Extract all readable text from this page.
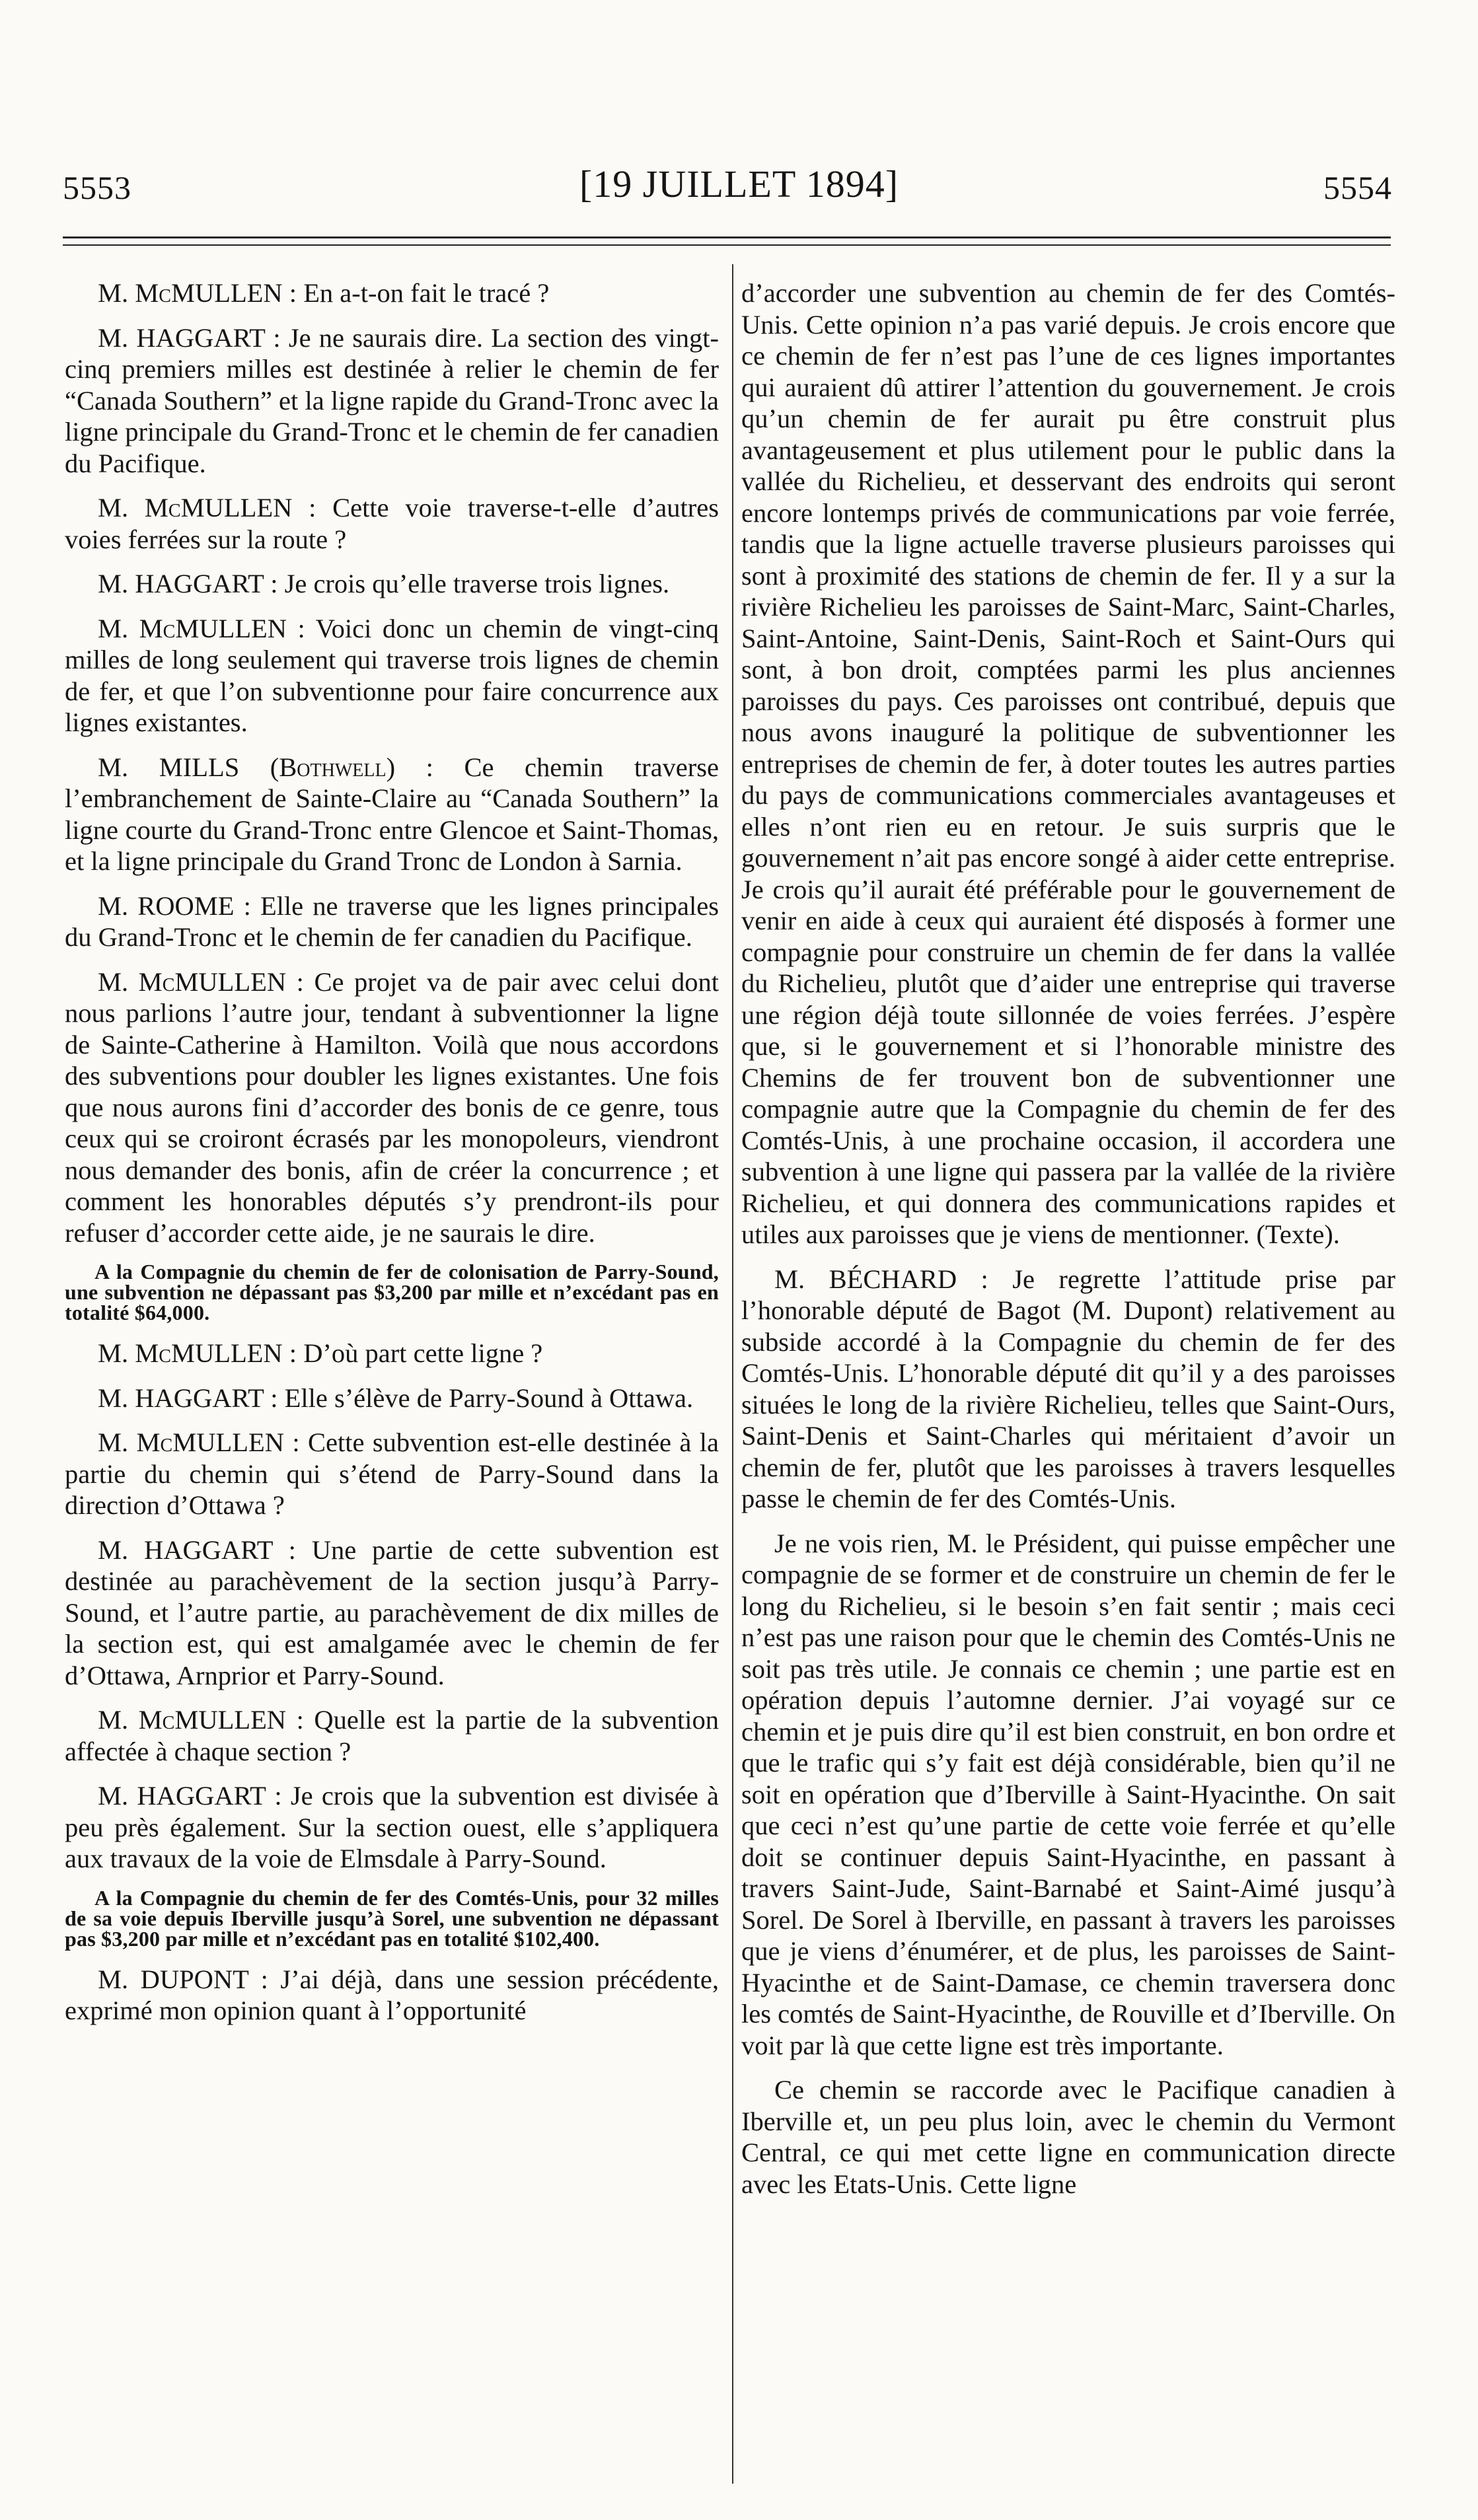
5553	[19 JUILLET 1894]	5554

M. McMULLEN : En a-t-on fait le tracé ?

M. HAGGART : Je ne saurais dire. La section des vingt-cinq premiers milles est destinée à relier le chemin de fer “Canada Southern” et la ligne rapide du Grand-Tronc avec la ligne principale du Grand-Tronc et le chemin de fer canadien du Pacifique.

M. McMULLEN : Cette voie traverse-t-elle d’autres voies ferrées sur la route ?

M. HAGGART : Je crois qu’elle traverse trois lignes.

M. McMULLEN : Voici donc un chemin de vingt-cinq milles de long seulement qui traverse trois lignes de chemin de fer, et que l’on subventionne pour faire concurrence aux lignes existantes.

M. MILLS (Bothwell) : Ce chemin traverse l’embranchement de Sainte-Claire au “Canada Southern” la ligne courte du Grand-Tronc entre Glencoe et Saint-Thomas, et la ligne principale du Grand Tronc de London à Sarnia.

M. ROOME : Elle ne traverse que les lignes principales du Grand-Tronc et le chemin de fer canadien du Pacifique.

M. McMULLEN : Ce projet va de pair avec celui dont nous parlions l’autre jour, tendant à subventionner la ligne de Sainte-Catherine à Hamilton. Voilà que nous accordons des subventions pour doubler les lignes existantes. Une fois que nous aurons fini d’accorder des bonis de ce genre, tous ceux qui se croiront écrasés par les monopoleurs, viendront nous demander des bonis, afin de créer la concurrence ; et comment les honorables députés s’y prendront-ils pour refuser d’accorder cette aide, je ne saurais le dire.

A la Compagnie du chemin de fer de colonisation de Parry-Sound, une subvention ne dépassant pas $3,200 par mille et n’excédant pas en totalité $64,000.

M. McMULLEN : D’où part cette ligne ?

M. HAGGART : Elle s’élève de Parry-Sound à Ottawa.

M. McMULLEN : Cette subvention est-elle destinée à la partie du chemin qui s’étend de Parry-Sound dans la direction d’Ottawa ?

M. HAGGART : Une partie de cette subvention est destinée au parachèvement de la section jusqu’à Parry-Sound, et l’autre partie, au parachèvement de dix milles de la section est, qui est amalgamée avec le chemin de fer d’Ottawa, Arnprior et Parry-Sound.

M. McMULLEN : Quelle est la partie de la subvention affectée à chaque section ?

M. HAGGART : Je crois que la subvention est divisée à peu près également. Sur la section ouest, elle s’appliquera aux travaux de la voie de Elmsdale à Parry-Sound.

A la Compagnie du chemin de fer des Comtés-Unis, pour 32 milles de sa voie depuis Iberville jusqu’à Sorel, une subvention ne dépassant pas $3,200 par mille et n’excédant pas en totalité $102,400.

M. DUPONT : J’ai déjà, dans une session précédente, exprimé mon opinion quant à l’opportunité

d’accorder une subvention au chemin de fer des Comtés-Unis. Cette opinion n’a pas varié depuis. Je crois encore que ce chemin de fer n’est pas l’une de ces lignes importantes qui auraient dû attirer l’attention du gouvernement. Je crois qu’un chemin de fer aurait pu être construit plus avantageusement et plus utilement pour le public dans la vallée du Richelieu, et desservant des endroits qui seront encore lontemps privés de communications par voie ferrée, tandis que la ligne actuelle traverse plusieurs paroisses qui sont à proximité des stations de chemin de fer. Il y a sur la rivière Richelieu les paroisses de Saint-Marc, Saint-Charles, Saint-Antoine, Saint-Denis, Saint-Roch et Saint-Ours qui sont, à bon droit, comptées parmi les plus anciennes paroisses du pays. Ces paroisses ont contribué, depuis que nous avons inauguré la politique de subventionner les entreprises de chemin de fer, à doter toutes les autres parties du pays de communications commerciales avantageuses et elles n’ont rien eu en retour. Je suis surpris que le gouvernement n’ait pas encore songé à aider cette entreprise. Je crois qu’il aurait été préférable pour le gouvernement de venir en aide à ceux qui auraient été disposés à former une compagnie pour construire un chemin de fer dans la vallée du Richelieu, plutôt que d’aider une entreprise qui traverse une région déjà toute sillonnée de voies ferrées. J’espère que, si le gouvernement et si l’honorable ministre des Chemins de fer trouvent bon de subventionner une compagnie autre que la Compagnie du chemin de fer des Comtés-Unis, à une prochaine occasion, il accordera une subvention à une ligne qui passera par la vallée de la rivière Richelieu, et qui donnera des communications rapides et utiles aux paroisses que je viens de mentionner. (Texte).

M. BÉCHARD : Je regrette l’attitude prise par l’honorable député de Bagot (M. Dupont) relativement au subside accordé à la Compagnie du chemin de fer des Comtés-Unis. L’honorable député dit qu’il y a des paroisses situées le long de la rivière Richelieu, telles que Saint-Ours, Saint-Denis et Saint-Charles qui méritaient d’avoir un chemin de fer, plutôt que les paroisses à travers lesquelles passe le chemin de fer des Comtés-Unis.

Je ne vois rien, M. le Président, qui puisse empêcher une compagnie de se former et de construire un chemin de fer le long du Richelieu, si le besoin s’en fait sentir ; mais ceci n’est pas une raison pour que le chemin des Comtés-Unis ne soit pas très utile. Je connais ce chemin ; une partie est en opération depuis l’automne dernier. J’ai voyagé sur ce chemin et je puis dire qu’il est bien construit, en bon ordre et que le trafic qui s’y fait est déjà considérable, bien qu’il ne soit en opération que d’Iberville à Saint-Hyacinthe. On sait que ceci n’est qu’une partie de cette voie ferrée et qu’elle doit se continuer depuis Saint-Hyacinthe, en passant à travers Saint-Jude, Saint-Barnabé et Saint-Aimé jusqu’à Sorel. De Sorel à Iberville, en passant à travers les paroisses que je viens d’énumérer, et de plus, les paroisses de Saint-Hyacinthe et de Saint-Damase, ce chemin traversera donc les comtés de Saint-Hyacinthe, de Rouville et d’Iberville. On voit par là que cette ligne est très importante.

Ce chemin se raccorde avec le Pacifique canadien à Iberville et, un peu plus loin, avec le chemin du Vermont Central, ce qui met cette ligne en communication directe avec les Etats-Unis. Cette ligne
